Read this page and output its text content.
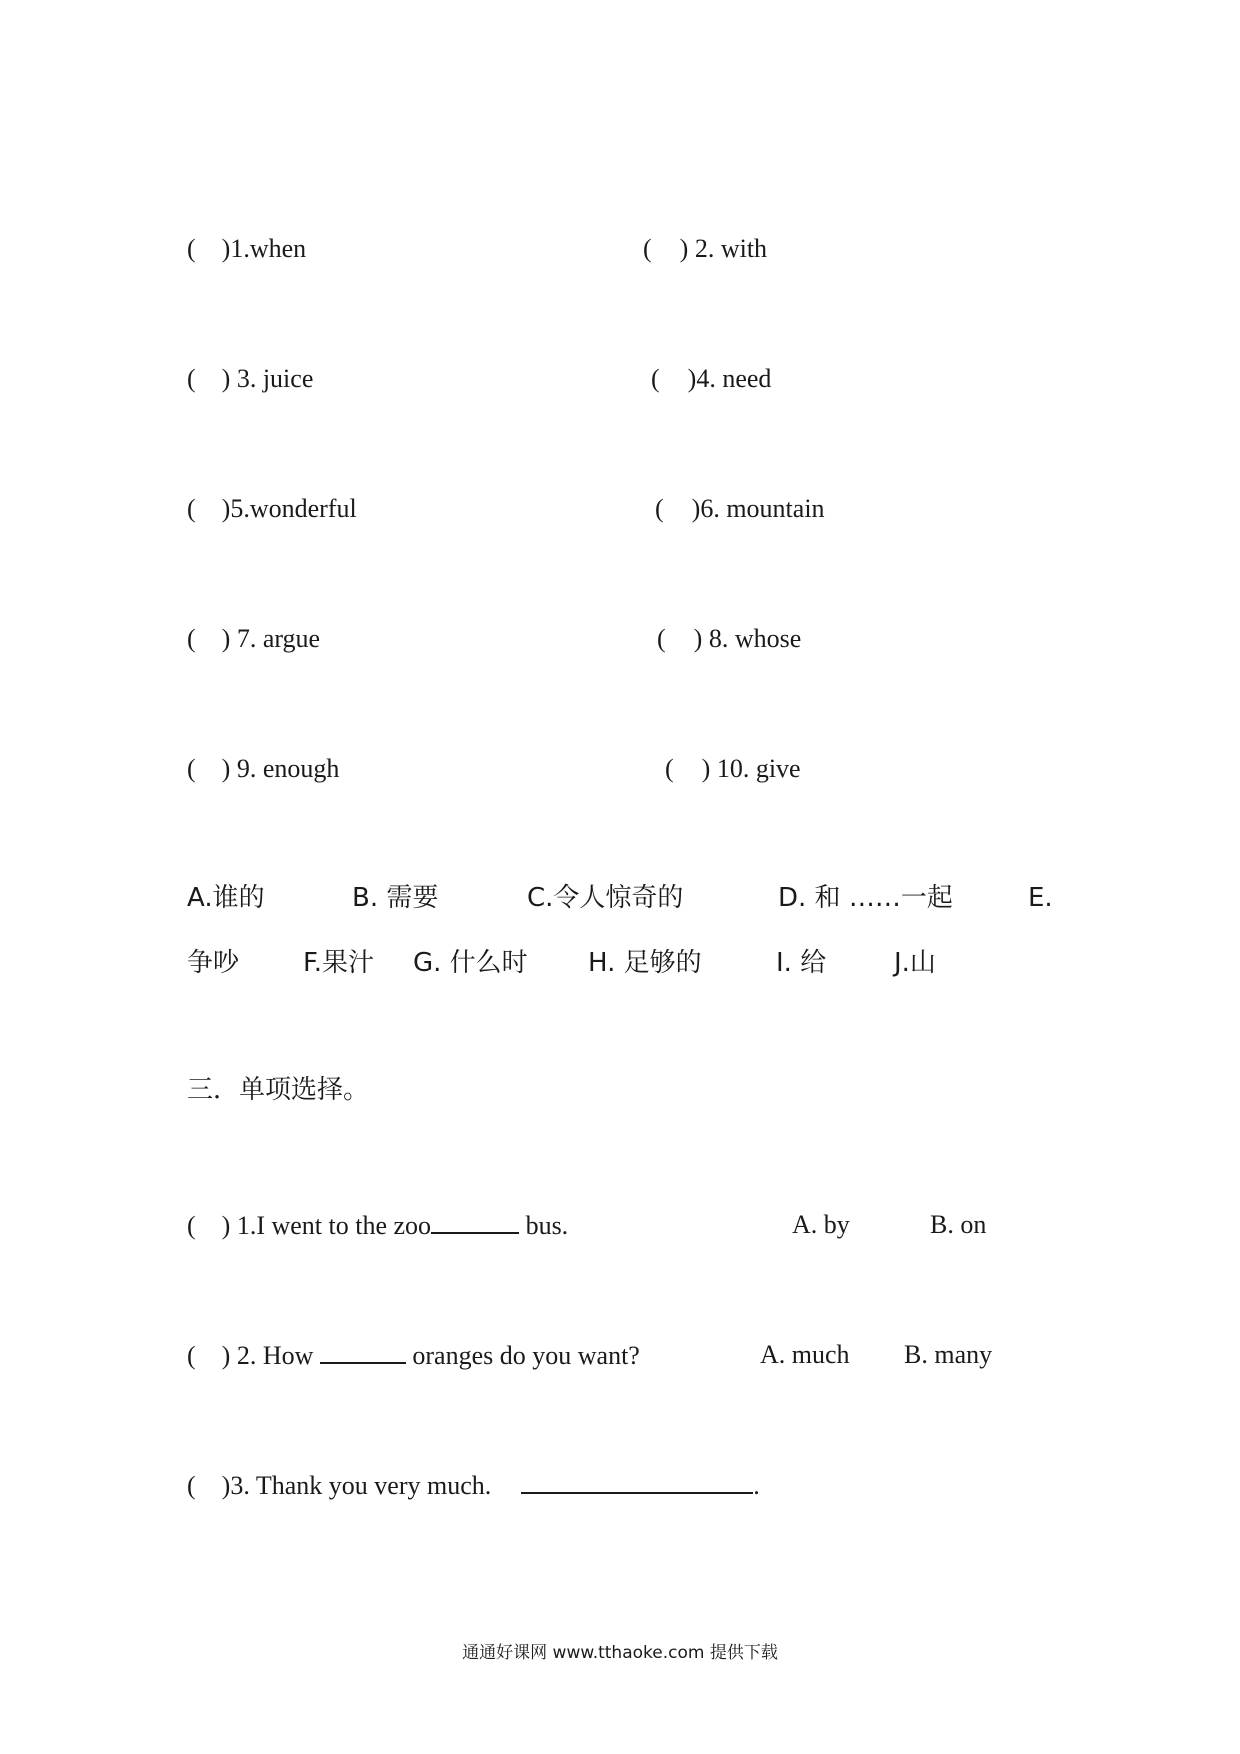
( )1.when	( ) 2. with
( ) 3. juice	( )4. need
( )5.wonderful	( )6. mountain
( ) 7. argue	( ) 8. whose
( ) 9. enough	( ) 10. give
A.谁的	B. 需要	C.令人惊奇的	D. 和 ……一起	E.
争吵 F.果汁 G. 什么时 H. 足够的	I. 给	J.山
三．单项选择。
( ) 1.I went to the zoo	bus.	A. by	B. on
( ) 2. How	oranges do you want?	A. much B. many
( )3. Thank you very much.	.
通通好课网 www.tthaoke.com 提供下载
